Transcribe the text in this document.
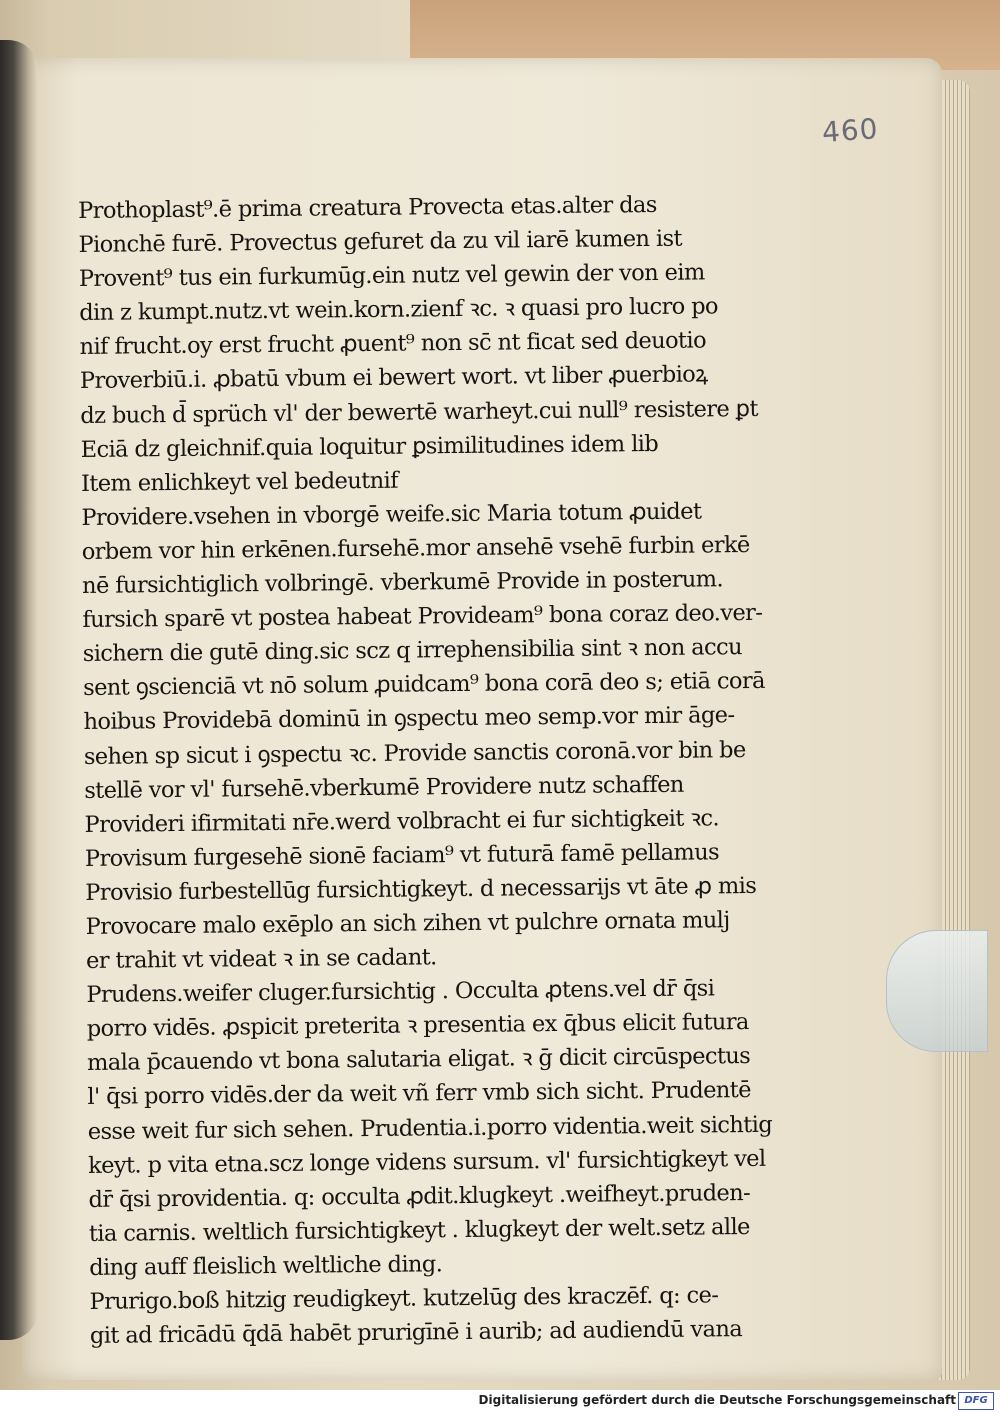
460
Prothoplast⁹.ē prima creatura Provecta etas.alter das
Pionchē furē. Provectus gefuret da zu vil iarē kumen ist
Provent⁹ tus ein furkumūg.ein nutz vel gewin der von eim
din z kumpt.nutz.vt wein.korn.zienf ꝛc. ꝛ quasi pro lucro po
nif frucht.oy erst frucht ꝓuent⁹ non sc̄ nt ficat sed deuotio
Proverbiū.i. ꝓbatū vbum ei bewert wort. vt liber ꝓuerbioꝝ
dz buch d̄ sprüch vl' der bewertē warheyt.cui null⁹ resistere ꝑt
Eciā dz gleichnif.quia loquitur ꝑsimilitudines idem lib
Item enlichkeyt vel bedeutnif
Provi̇dere.vsehen in vborgē weife.sic Maria totum ꝓuidet
orbem vor hin erkēnen.fursehē.mor ansehē vsehē furbin erkē
nē fursichtiglich volbringē. vberkumē Provide in posterum.
fursich sparē vt postea habeat Provideam⁹ bona coraz deo.ver-
sichern die gutē ding.sic scz q irrephensibilia sint ꝛ non accu
sent ꝯscienciā vt nō solum ꝓuidcam⁹ bona corā deo s; etiā corā
hoibus Providebā dominū in ꝯspectu meo semp.vor mir āge-
sehen sp sicut i ꝯspectu ꝛc. Provide sanctis coronā.vor bin be
stellē vor vl' fursehē.vberkumē Providere nutz schaffen
Provideri ifirmitati nr̄e.werd volbracht ei fur sichtigkeit ꝛc.
Provisum furgesehē sionē faciam⁹ vt futurā famē pellamus
Provisio furbestellūg fursichtigkeyt. d necessarijs vt āte ꝓ mis
Provocare malo exēplo an sich zihen vt pulchre ornata mulj
er trahit vt videat ꝛ in se cadant.
Prudens.weifer cluger.fursichtig . Occulta ꝓtens.vel dr̄ q̄si
porro vidēs. ꝓspicit preterita ꝛ presentia ex q̄bus elicit futura
mala p̄cauendo vt bona salutaria eligat. ꝛ ḡ dicit circūspectus
l' q̄si porro vidēs.der da weit vñ ferr vmb sich sicht. Prudentē
esse weit fur sich sehen. Prudentia.i.porro videntia.weit sichtig
keyt. p vita etna.scz longe videns sursum. vl' fursichtigkeyt vel
dr̄ q̄si providentia. q: occulta ꝓdit.klugkeyt .weifheyt.pruden-
tia carnis. weltlich fursichtigkeyt . klugkeyt der welt.setz alle
ding auff fleislich weltliche ding.
Prurigo.boß hitzig reudigkeyt. kutzelūg des kraczēf. q: ce-
git ad fricādū q̄dā habēt prurigīnē i aurib; ad audiendū vana
Digitalisierung gefördert durch die Deutsche Forschungsgemeinschaft DFG
